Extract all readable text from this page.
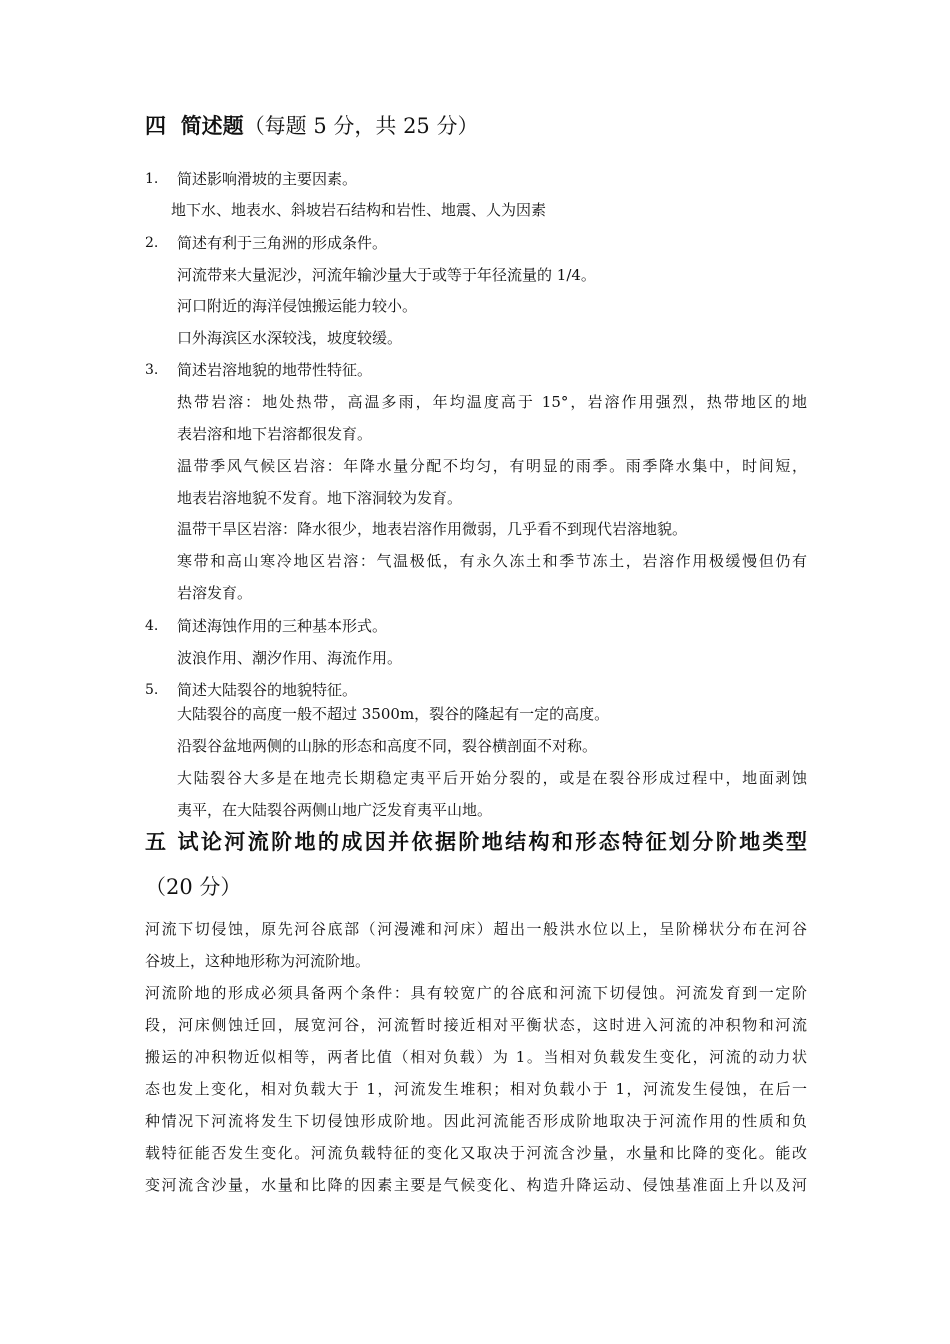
四 简述题（每题 5 分，共 25 分）
1. 简述影响滑坡的主要因素。
地下水、地表水、斜坡岩石结构和岩性、地震、人为因素
2. 简述有利于三角洲的形成条件。
河流带来大量泥沙，河流年输沙量大于或等于年径流量的 1/4。
河口附近的海洋侵蚀搬运能力较小。
口外海滨区水深较浅，坡度较缓。
3. 简述岩溶地貌的地带性特征。
热带岩溶：地处热带，高温多雨，年均温度高于 15°，岩溶作用强烈，热带地区的地
表岩溶和地下岩溶都很发育。
温带季风气候区岩溶：年降水量分配不均匀，有明显的雨季。雨季降水集中，时间短，
地表岩溶地貌不发育。地下溶洞较为发育。
温带干旱区岩溶：降水很少，地表岩溶作用微弱，几乎看不到现代岩溶地貌。
寒带和高山寒冷地区岩溶：气温极低，有永久冻土和季节冻土，岩溶作用极缓慢但仍有
岩溶发育。
4. 简述海蚀作用的三种基本形式。
波浪作用、潮汐作用、海流作用。
5. 简述大陆裂谷的地貌特征。
大陆裂谷的高度一般不超过 3500m，裂谷的隆起有一定的高度。
沿裂谷盆地两侧的山脉的形态和高度不同，裂谷横剖面不对称。
大陆裂谷大多是在地壳长期稳定夷平后开始分裂的，或是在裂谷形成过程中，地面剥蚀
夷平，在大陆裂谷两侧山地广泛发育夷平山地。
五 试论河流阶地的成因并依据阶地结构和形态特征划分阶地类型
（20 分）
河流下切侵蚀，原先河谷底部（河漫滩和河床）超出一般洪水位以上，呈阶梯状分布在河谷
谷坡上，这种地形称为河流阶地。
河流阶地的形成必须具备两个条件：具有较宽广的谷底和河流下切侵蚀。河流发育到一定阶
段，河床侧蚀迁回，展宽河谷，河流暂时接近相对平衡状态，这时进入河流的冲积物和河流
搬运的冲积物近似相等，两者比值（相对负载）为 1。当相对负载发生变化，河流的动力状
态也发上变化，相对负载大于 1，河流发生堆积；相对负载小于 1，河流发生侵蚀，在后一
种情况下河流将发生下切侵蚀形成阶地。因此河流能否形成阶地取决于河流作用的性质和负
载特征能否发生变化。河流负载特征的变化又取决于河流含沙量，水量和比降的变化。能改
变河流含沙量，水量和比降的因素主要是气候变化、构造升降运动、侵蚀基准面上升以及河
